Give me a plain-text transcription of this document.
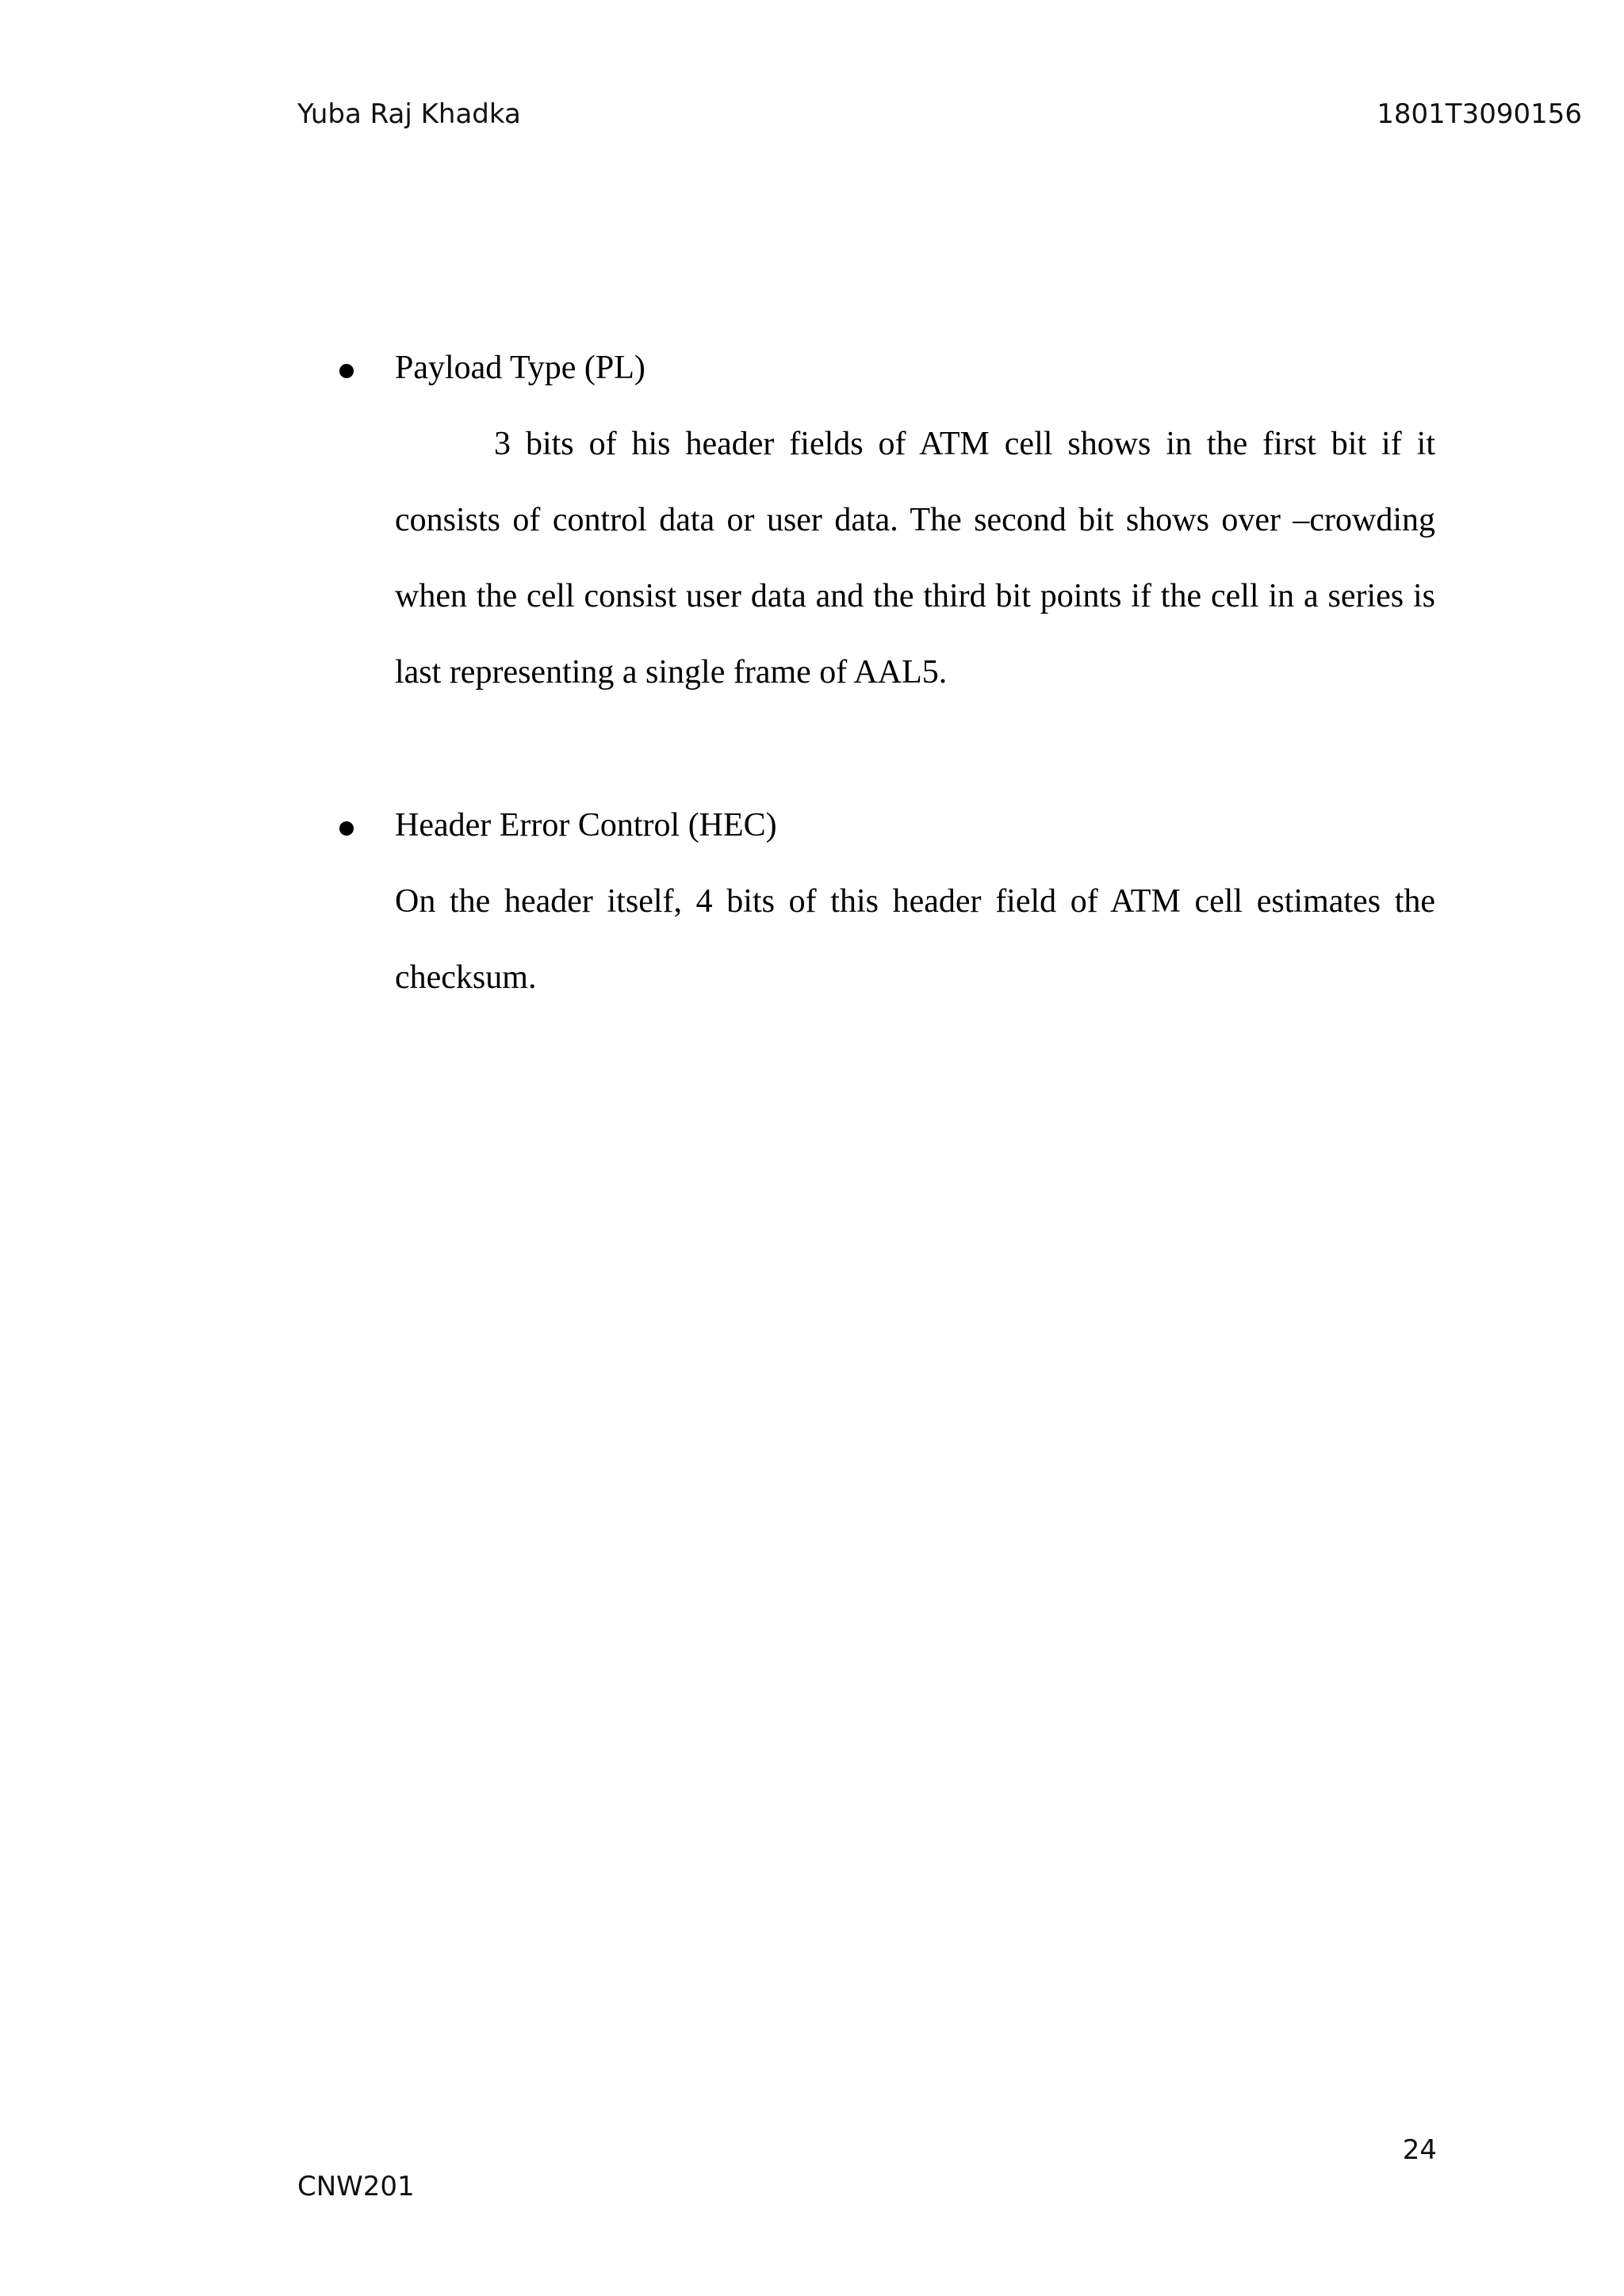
Yuba Raj Khadka	1801T3090156
Payload Type (PL)
3 bits of his header fields of ATM cell shows in the first bit if it consists of control data or user data. The second bit shows over –crowding when the cell consist user data and the third bit points if the cell in a series is last representing a single frame of AAL5.
Header Error Control (HEC)
On the header itself, 4 bits of this header field of ATM cell estimates the checksum.
24
CNW201
